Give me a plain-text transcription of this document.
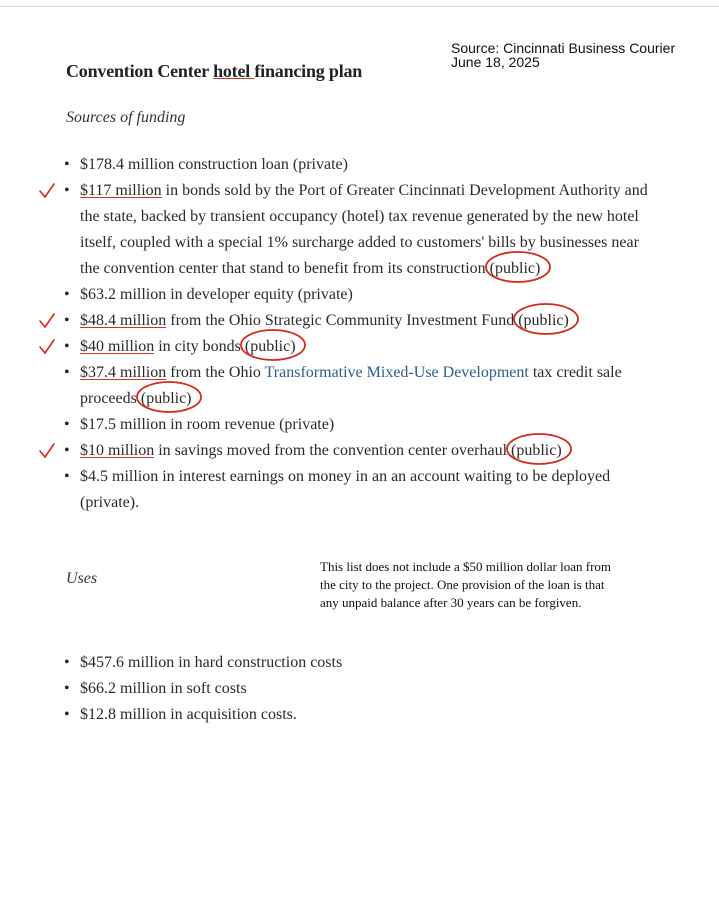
Source: Cincinnati Business Courier
June 18, 2025
Convention Center hotel financing plan
Sources of funding
• $178.4 million construction loan (private)
• $117 million in bonds sold by the Port of Greater Cincinnati Development Authority and the state, backed by transient occupancy (hotel) tax revenue generated by the new hotel itself, coupled with a special 1% surcharge added to customers' bills by businesses near the convention center that stand to benefit from its construction (public)
• $63.2 million in developer equity (private)
• $48.4 million from the Ohio Strategic Community Investment Fund (public)
• $40 million in city bonds (public)
• $37.4 million from the Ohio Transformative Mixed-Use Development tax credit sale proceeds (public)
• $17.5 million in room revenue (private)
• $10 million in savings moved from the convention center overhaul (public)
• $4.5 million in interest earnings on money in an an account waiting to be deployed (private).
Uses
This list does not include a $50 million dollar loan from the city to the project. One provision of the loan is that any unpaid balance after 30 years can be forgiven.
• $457.6 million in hard construction costs
• $66.2 million in soft costs
• $12.8 million in acquisition costs.
